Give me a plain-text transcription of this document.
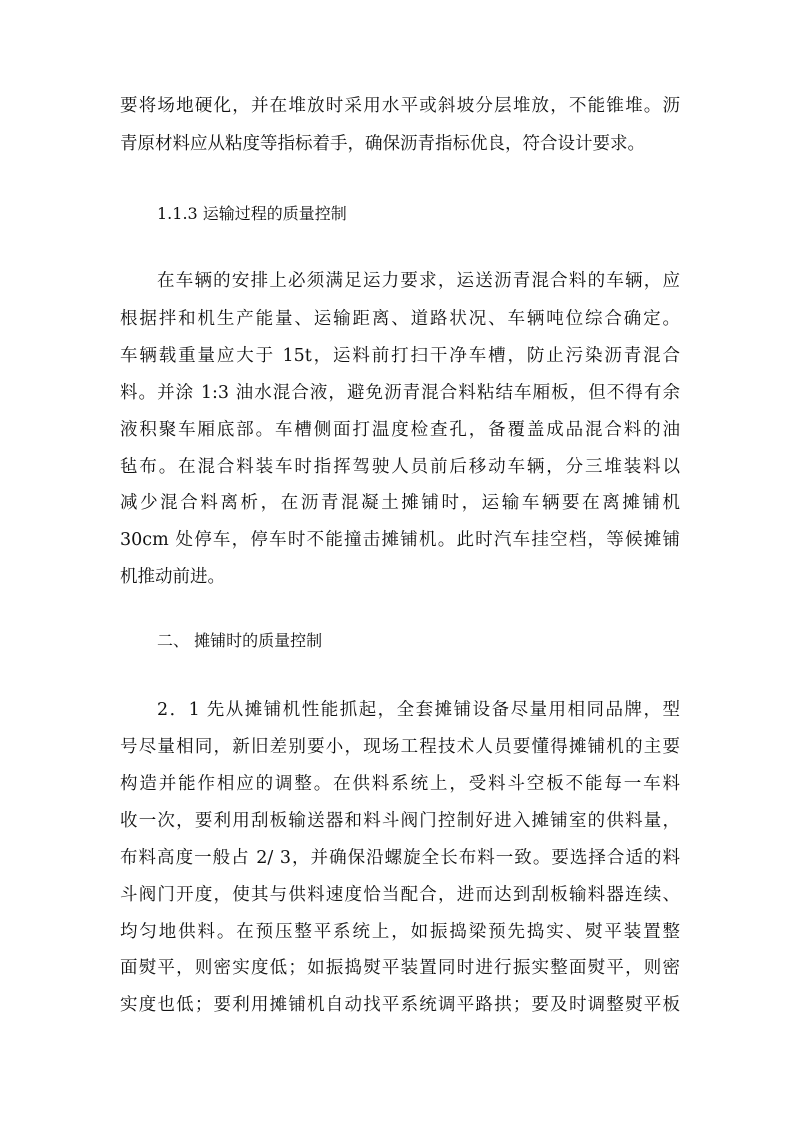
要将场地硬化，并在堆放时采用水平或斜坡分层堆放，不能锥堆。沥
青原材料应从粘度等指标着手，确保沥青指标优良，符合设计要求。
1.1.3 运输过程的质量控制
在车辆的安排上必须满足运力要求，运送沥青混合料的车辆，应
根据拌和机生产能量、运输距离、道路状况、车辆吨位综合确定。
车辆载重量应大于 15t，运料前打扫干净车槽，防止污染沥青混合
料。并涂 1:3 油水混合液，避免沥青混合料粘结车厢板，但不得有余
液积聚车厢底部。车槽侧面打温度检查孔，备覆盖成品混合料的油
毡布。在混合料装车时指挥驾驶人员前后移动车辆，分三堆装料以
减少混合料离析，在沥青混凝土摊铺时，运输车辆要在离摊铺机
30cm 处停车，停车时不能撞击摊铺机。此时汽车挂空档，等候摊铺
机推动前进。
二、 摊铺时的质量控制
2．1 先从摊铺机性能抓起，全套摊铺设备尽量用相同品牌，型
号尽量相同，新旧差别要小，现场工程技术人员要懂得摊铺机的主要
构造并能作相应的调整。在供料系统上，受料斗空板不能每一车料
收一次，要利用刮板输送器和料斗阀门控制好进入摊铺室的供料量，
布料高度一般占 2/ 3，并确保沿螺旋全长布料一致。要选择合适的料
斗阀门开度，使其与供料速度恰当配合，进而达到刮板输料器连续、
均匀地供料。在预压整平系统上，如振捣梁预先捣实、熨平装置整
面熨平，则密实度低；如振捣熨平装置同时进行振实整面熨平，则密
实度也低；要利用摊铺机自动找平系统调平路拱；要及时调整熨平板
